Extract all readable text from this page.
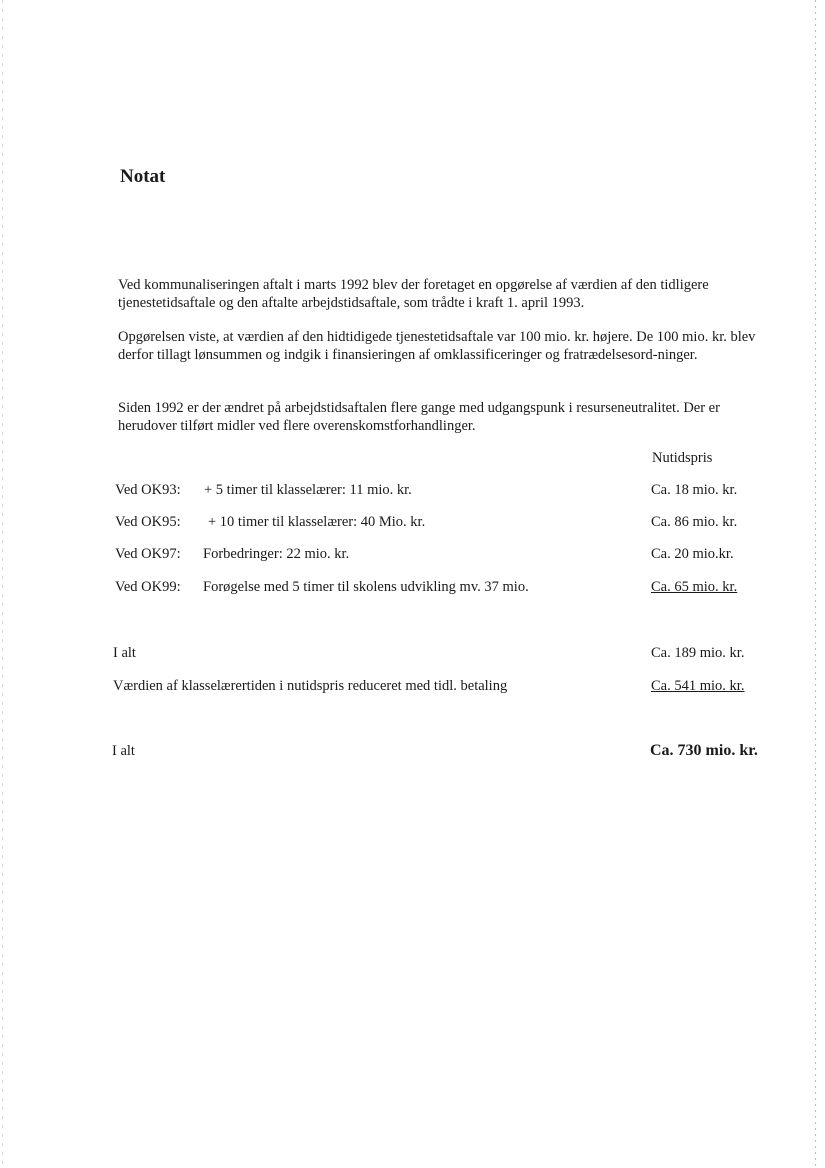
Notat

Ved kommunaliseringen aftalt i marts 1992 blev der foretaget en opgørelse af værdien af den tidligere tjenestetidsaftale og den aftalte arbejdstidsaftale, som trådte i kraft 1. april 1993.

Opgørelsen viste, at værdien af den hidtidigede tjenestetidsaftale var 100 mio. kr. højere. De 100 mio. kr. blev derfor tillagt lønsummen og indgik i finansieringen af omklassificeringer og fratrædelsesord-ninger.

Siden 1992 er der ændret på arbejdstidsaftalen flere gange med udgangspunk i resurseneutralitet. Der er herudover tilført midler ved flere overenskomstforhandlinger.

Nutidspris
Ved OK93: + 5 timer til klasselærer: 11 mio. kr.	Ca. 18 mio. kr.
Ved OK95: + 10 timer til klasselærer: 40 Mio. kr.	Ca. 86 mio. kr.
Ved OK97: Forbedringer: 22 mio. kr.	Ca. 20 mio.kr.
Ved OK99: Forøgelse med 5 timer til skolens udvikling mv. 37 mio.	Ca. 65 mio. kr.
I alt	Ca. 189 mio. kr.
Værdien af klasselærertiden i nutidspris reduceret med tidl. betaling	Ca. 541 mio. kr.
I alt	Ca. 730 mio. kr.
